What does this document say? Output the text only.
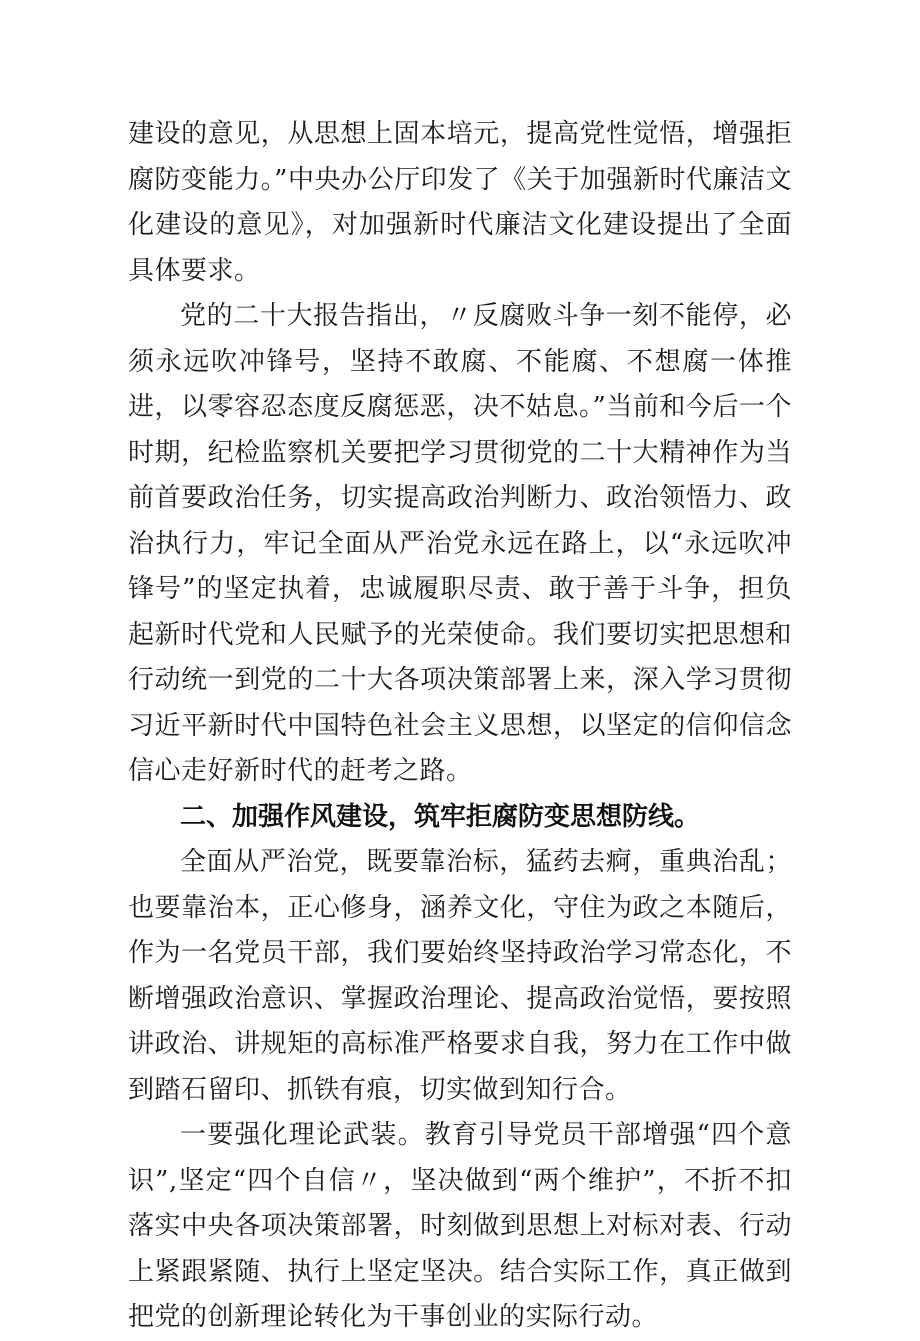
建设的意见，从思想上固本培元，提高党性觉悟，增强拒腐防变能力。”中央办公厅印发了《关于加强新时代廉洁文化建设的意见》，对加强新时代廉洁文化建设提出了全面具体要求。

党的二十大报告指出，〃反腐败斗争一刻不能停，必须永远吹冲锋号，坚持不敢腐、不能腐、不想腐一体推进，以零容忍态度反腐惩恶，决不姑息。”当前和今后一个时期，纪检监察机关要把学习贯彻党的二十大精神作为当前首要政治任务，切实提高政治判断力、政治领悟力、政治执行力，牢记全面从严治党永远在路上，以“永远吹冲锋号”的坚定执着，忠诚履职尽责、敢于善于斗争，担负起新时代党和人民赋予的光荣使命。我们要切实把思想和行动统一到党的二十大各项决策部署上来，深入学习贯彻习近平新时代中国特色社会主义思想，以坚定的信仰信念信心走好新时代的赶考之路。

二、加强作风建设，筑牢拒腐防变思想防线。

全面从严治党，既要靠治标，猛药去痾，重典治乱；也要靠治本，正心修身，涵养文化，守住为政之本随后，作为一名党员干部，我们要始终坚持政治学习常态化，不断增强政治意识、掌握政治理论、提高政治觉悟，要按照讲政治、讲规矩的高标准严格要求自我，努力在工作中做到踏石留印、抓铁有痕，切实做到知行合。

一要强化理论武装。教育引导党员干部增强“四个意识”,坚定“四个自信〃，坚决做到“两个维护”，不折不扣落实中央各项决策部署，时刻做到思想上对标对表、行动上紧跟紧随、执行上坚定坚决。结合实际工作，真正做到把党的创新理论转化为干事创业的实际行动。
